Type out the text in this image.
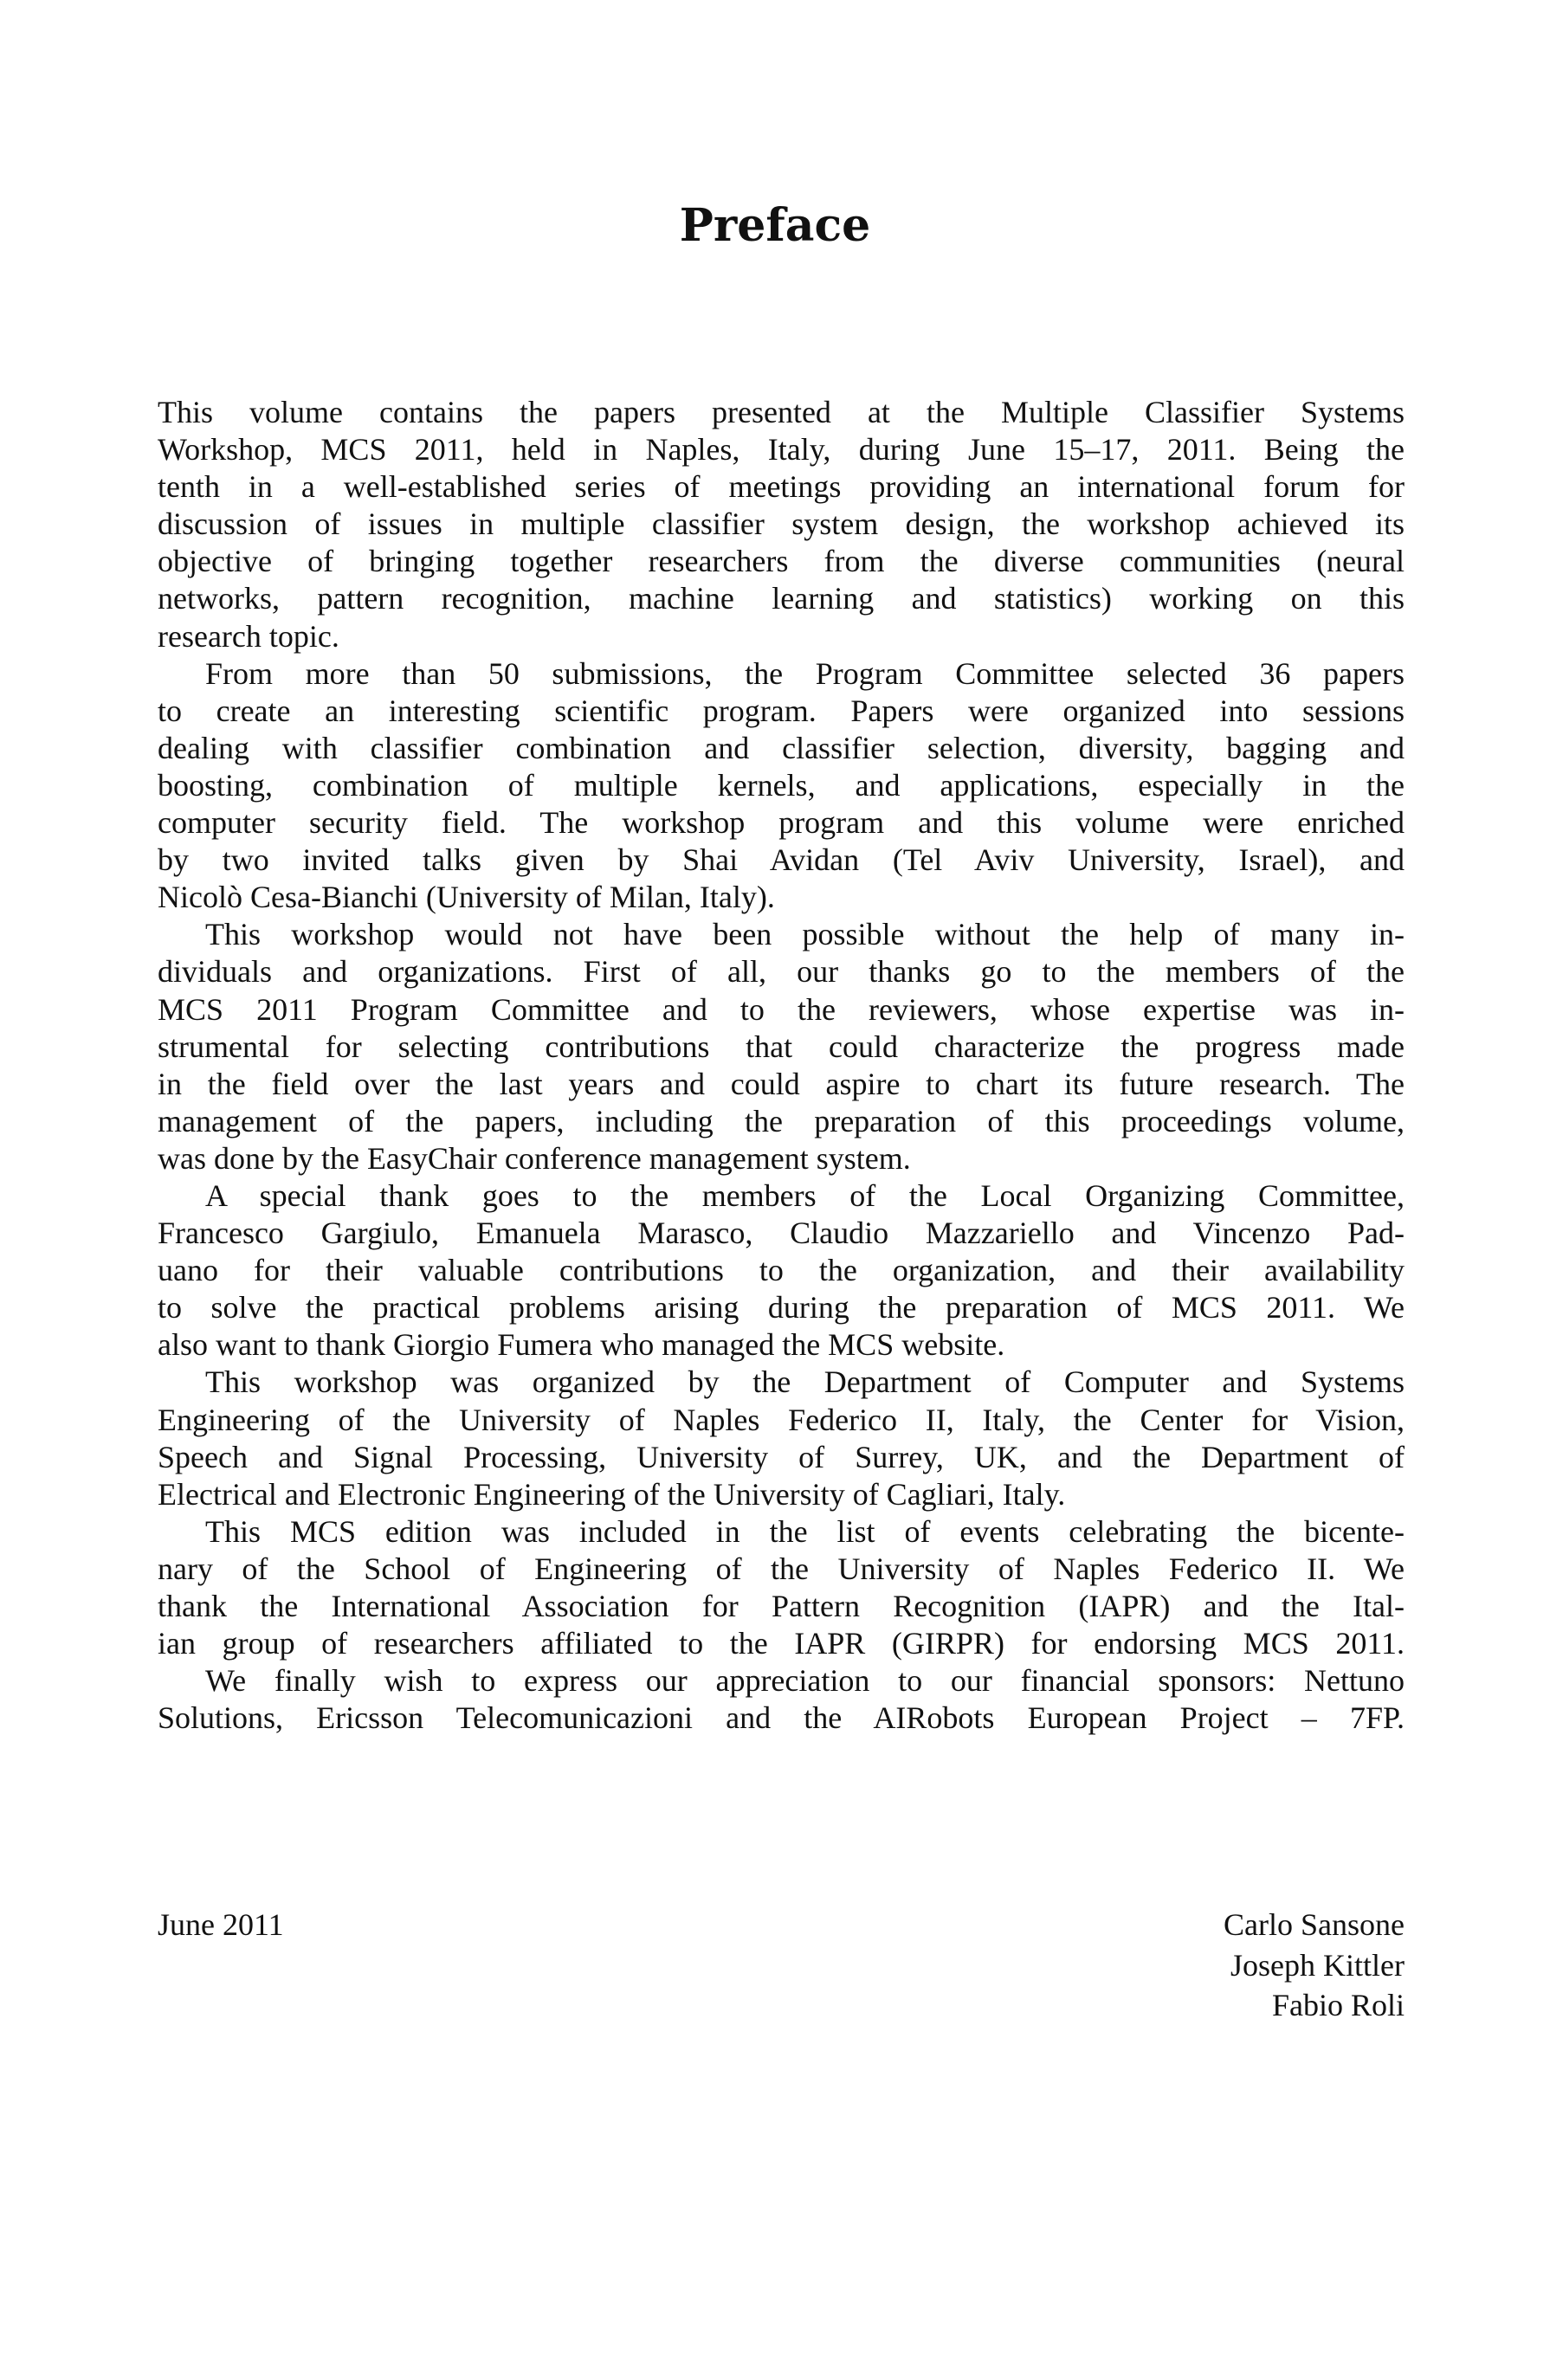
Preface
This volume contains the papers presented at the Multiple Classifier Systems
Workshop, MCS 2011, held in Naples, Italy, during June 15–17, 2011. Being the
tenth in a well-established series of meetings providing an international forum for
discussion of issues in multiple classifier system design, the workshop achieved its
objective of bringing together researchers from the diverse communities (neural
networks, pattern recognition, machine learning and statistics) working on this
research topic.
From more than 50 submissions, the Program Committee selected 36 papers
to create an interesting scientific program. Papers were organized into sessions
dealing with classifier combination and classifier selection, diversity, bagging and
boosting, combination of multiple kernels, and applications, especially in the
computer security field. The workshop program and this volume were enriched
by two invited talks given by Shai Avidan (Tel Aviv University, Israel), and
Nicolò Cesa-Bianchi (University of Milan, Italy).
This workshop would not have been possible without the help of many in-
dividuals and organizations. First of all, our thanks go to the members of the
MCS 2011 Program Committee and to the reviewers, whose expertise was in-
strumental for selecting contributions that could characterize the progress made
in the field over the last years and could aspire to chart its future research. The
management of the papers, including the preparation of this proceedings volume,
was done by the EasyChair conference management system.
A special thank goes to the members of the Local Organizing Committee,
Francesco Gargiulo, Emanuela Marasco, Claudio Mazzariello and Vincenzo Pad-
uano for their valuable contributions to the organization, and their availability
to solve the practical problems arising during the preparation of MCS 2011. We
also want to thank Giorgio Fumera who managed the MCS website.
This workshop was organized by the Department of Computer and Systems
Engineering of the University of Naples Federico II, Italy, the Center for Vision,
Speech and Signal Processing, University of Surrey, UK, and the Department of
Electrical and Electronic Engineering of the University of Cagliari, Italy.
This MCS edition was included in the list of events celebrating the bicente-
nary of the School of Engineering of the University of Naples Federico II. We
thank the International Association for Pattern Recognition (IAPR) and the Ital-
ian group of researchers affiliated to the IAPR (GIRPR) for endorsing MCS 2011.
We finally wish to express our appreciation to our financial sponsors: Nettuno
Solutions, Ericsson Telecomunicazioni and the AIRobots European Project – 7FP.
June 2011	Carlo Sansone
Joseph Kittler
Fabio Roli
